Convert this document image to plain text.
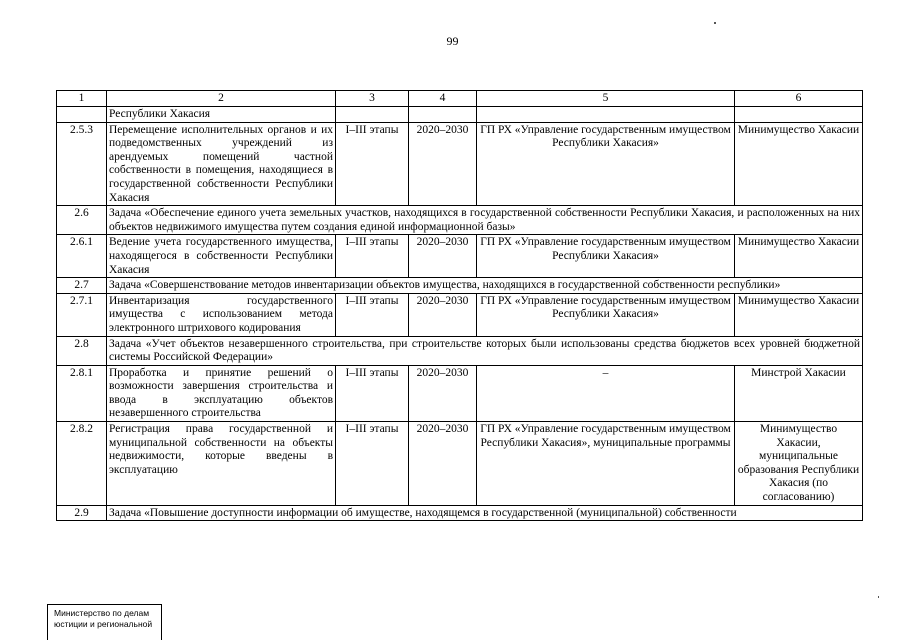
99
1	2	3	4	5	6
	Республики Хакасия				
2.5.3	Перемещение исполнительных органов и их подведомственных учреждений из арендуемых помещений частной собственности в помещения, находящиеся в государственной собственности Республики Хакасия	I–III этапы	2020–2030	ГП РХ «Управление государственным имуществом Республики Хакасия»	Минимущество Хакасии
2.6	Задача «Обеспечение единого учета земельных участков, находящихся в государственной собственности Республики Хакасия, и расположенных на них объектов недвижимого имущества путем создания единой информационной базы»				
2.6.1	Ведение учета государственного имущества, находящегося в собственности Республики Хакасия	I–III этапы	2020–2030	ГП РХ «Управление государственным имуществом Республики Хакасия»	Минимущество Хакасии
2.7	Задача «Совершенствование методов инвентаризации объектов имущества, находящихся в государственной собственности республики»				
2.7.1	Инвентаризация государственного имущества с использованием метода электронного штрихового кодирования	I–III этапы	2020–2030	ГП РХ «Управление государственным имуществом Республики Хакасия»	Минимущество Хакасии
2.8	Задача «Учет объектов незавершенного строительства, при строительстве которых были использованы средства бюджетов всех уровней бюджетной системы Российской Федерации»				
2.8.1	Проработка и принятие решений о возможности завершения строительства и ввода в эксплуатацию объектов незавершенного строительства	I–III этапы	2020–2030	–	Минстрой Хакасии
2.8.2	Регистрация права государственной и муниципальной собственности на объекты недвижимости, которые введены в эксплуатацию	I–III этапы	2020–2030	ГП РХ «Управление государственным имуществом Республики Хакасия», муниципальные программы	Минимущество Хакасии, муниципальные образования Республики Хакасия (по согласованию)
2.9	Задача «Повышение доступности информации об имуществе, находящемся в государственной (муниципальной) собственности				
Министерство по делам
юстиции и региональной
